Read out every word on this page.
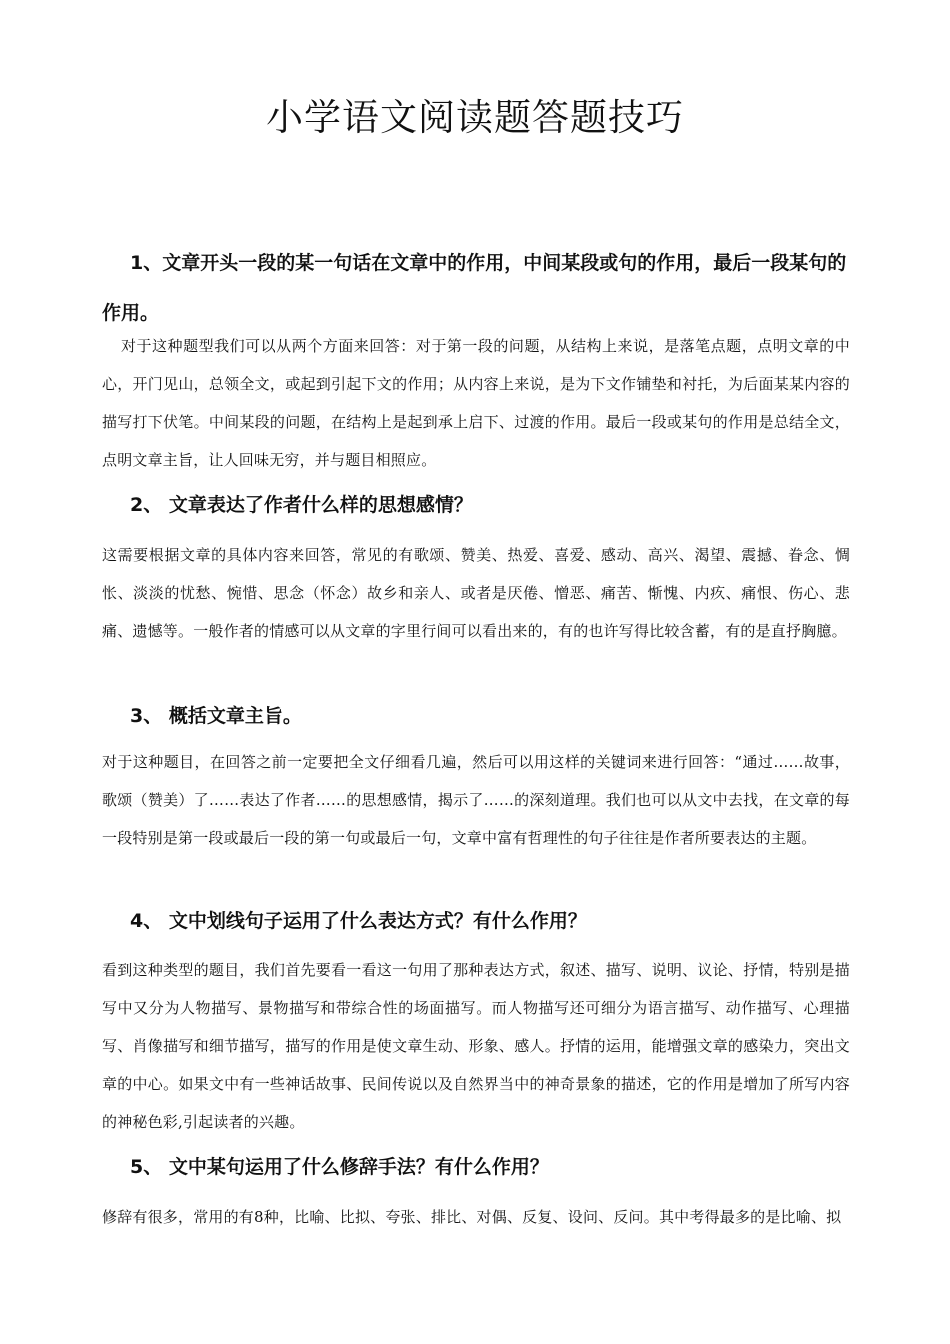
小学语文阅读题答题技巧
1、文章开头一段的某一句话在文章中的作用，中间某段或句的作用，最后一段某句的作用。

对于这种题型我们可以从两个方面来回答：对于第一段的问题，从结构上来说，是落笔点题，点明文章的中心，开门见山，总领全文，或起到引起下文的作用；从内容上来说，是为下文作铺垫和衬托，为后面某某内容的描写打下伏笔。中间某段的问题，在结构上是起到承上启下、过渡的作用。最后一段或某句的作用是总结全文，点明文章主旨，让人回味无穷，并与题目相照应。

2、 文章表达了作者什么样的思想感情？

这需要根据文章的具体内容来回答，常见的有歌颂、赞美、热爱、喜爱、感动、高兴、渴望、震撼、眷念、惆怅、淡淡的忧愁、惋惜、思念（怀念）故乡和亲人、或者是厌倦、憎恶、痛苦、惭愧、内疚、痛恨、伤心、悲痛、遗憾等。一般作者的情感可以从文章的字里行间可以看出来的，有的也许写得比较含蓄，有的是直抒胸臆。

3、 概括文章主旨。

对于这种题目，在回答之前一定要把全文仔细看几遍，然后可以用这样的关键词来进行回答：“通过……故事，歌颂（赞美）了……表达了作者……的思想感情，揭示了……的深刻道理。我们也可以从文中去找，在文章的每一段特别是第一段或最后一段的第一句或最后一句，文章中富有哲理性的句子往往是作者所要表达的主题。

4、 文中划线句子运用了什么表达方式？有什么作用？

看到这种类型的题目，我们首先要看一看这一句用了那种表达方式，叙述、描写、说明、议论、抒情，特别是描写中又分为人物描写、景物描写和带综合性的场面描写。而人物描写还可细分为语言描写、动作描写、心理描写、肖像描写和细节描写，描写的作用是使文章生动、形象、感人。抒情的运用，能增强文章的感染力，突出文章的中心。如果文中有一些神话故事、民间传说以及自然界当中的神奇景象的描述，它的作用是增加了所写内容的神秘色彩,引起读者的兴趣。

5、 文中某句运用了什么修辞手法？有什么作用？

修辞有很多，常用的有8种，比喻、比拟、夸张、排比、对偶、反复、设问、反问。其中考得最多的是比喻、拟
